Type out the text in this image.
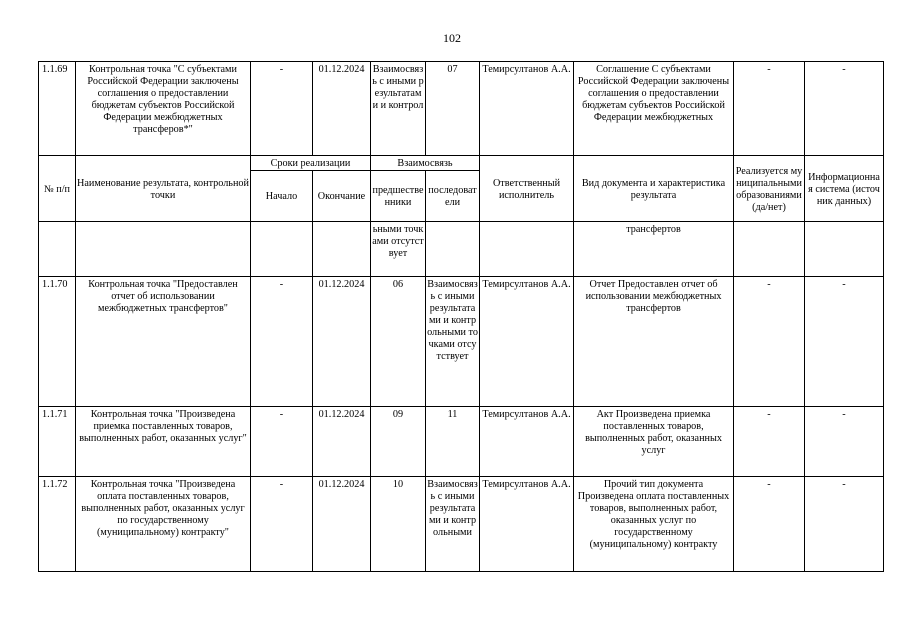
102
1.1.69	Контрольная точка "С субъектами Российской Федерации заключены соглашения о предоставлении бюджетам субъектов Российской Федерации межбюджетных трансферов*"	-	01.12.2024	Взаимосвязь с иными результатами и контрол	07	Темирсултанов А.А.	Соглашение С субъектами Российской Федерации заключены соглашения о предоставлении бюджетам субъектов Российской Федерации межбюджетных	-	-
№ п/п	Наименование результата, контрольной точки	Сроки реализации		Взаимосвязь		Ответственный исполнитель	Вид документа и характеристика результата	Реализуется муниципальными образованиями (да/нет)	Информационная система (источник данных)
		Начало	Окончание	предшественники	последователи				
				ьными точками отсутствует			трансфертов		
1.1.70	Контрольная точка "Предоставлен отчет об использовании межбюджетных трансфертов"	-	01.12.2024	06	Взаимосвязь с иными результатами и контрольными точками отсутствует	Темирсултанов А.А.	Отчет Предоставлен отчет об использовании межбюджетных трансфертов	-	-
1.1.71	Контрольная точка "Произведена приемка поставленных товаров, выполненных работ, оказанных услуг"	-	01.12.2024	09	11	Темирсултанов А.А.	Акт Произведена приемка поставленных товаров, выполненных работ, оказанных услуг	-	-
1.1.72	Контрольная точка "Произведена оплата поставленных товаров, выполненных работ, оказанных услуг по государственному (муниципальному) контракту"	-	01.12.2024	10	Взаимосвязь с иными результатами и контрольными	Темирсултанов А.А.	Прочий тип документа Произведена оплата поставленных товаров, выполненных работ, оказанных услуг по государственному (муниципальному) контракту	-	-
